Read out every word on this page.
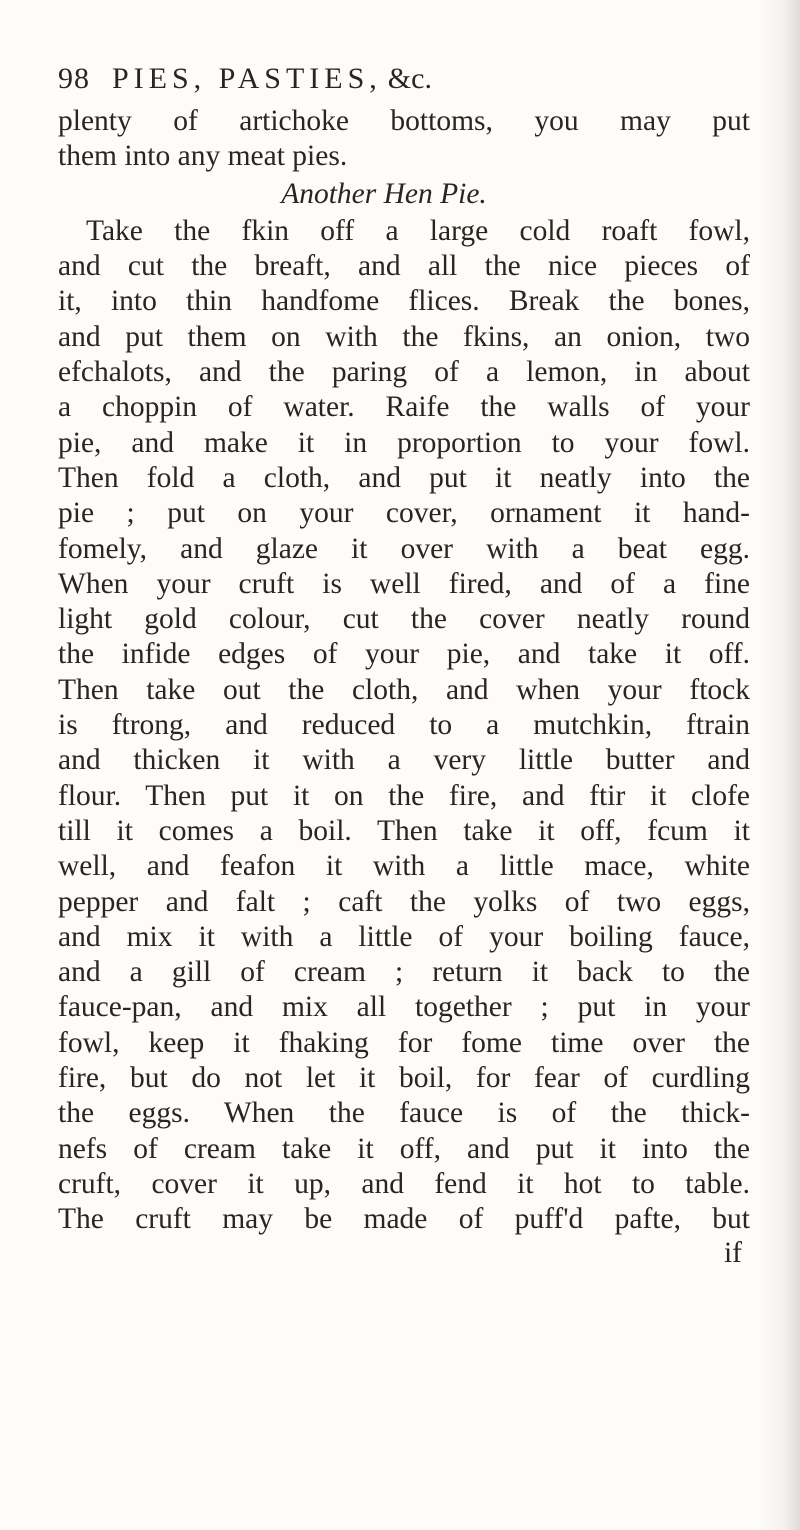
98 PIES, PASTIES, &c.
plenty of artichoke bottoms, you may put
them into any meat pies.
Another Hen Pie.
Take the fkin off a large cold roaft fowl,
and cut the breaft, and all the nice pieces of
it, into thin handfome flices. Break the bones,
and put them on with the fkins, an onion, two
efchalots, and the paring of a lemon, in about
a choppin of water. Raife the walls of your
pie, and make it in proportion to your fowl.
Then fold a cloth, and put it neatly into the
pie ; put on your cover, ornament it hand-
fomely, and glaze it over with a beat egg.
When your cruft is well fired, and of a fine
light gold colour, cut the cover neatly round
the infide edges of your pie, and take it off.
Then take out the cloth, and when your ftock
is ftrong, and reduced to a mutchkin, ftrain
and thicken it with a very little butter and
flour. Then put it on the fire, and ftir it clofe
till it comes a boil. Then take it off, fcum it
well, and feafon it with a little mace, white
pepper and falt ; caft the yolks of two eggs,
and mix it with a little of your boiling fauce,
and a gill of cream ; return it back to the
fauce-pan, and mix all together ; put in your
fowl, keep it fhaking for fome time over the
fire, but do not let it boil, for fear of curdling
the eggs. When the fauce is of the thick-
nefs of cream take it off, and put it into the
cruft, cover it up, and fend it hot to table.
The cruft may be made of puff'd pafte, but
if
